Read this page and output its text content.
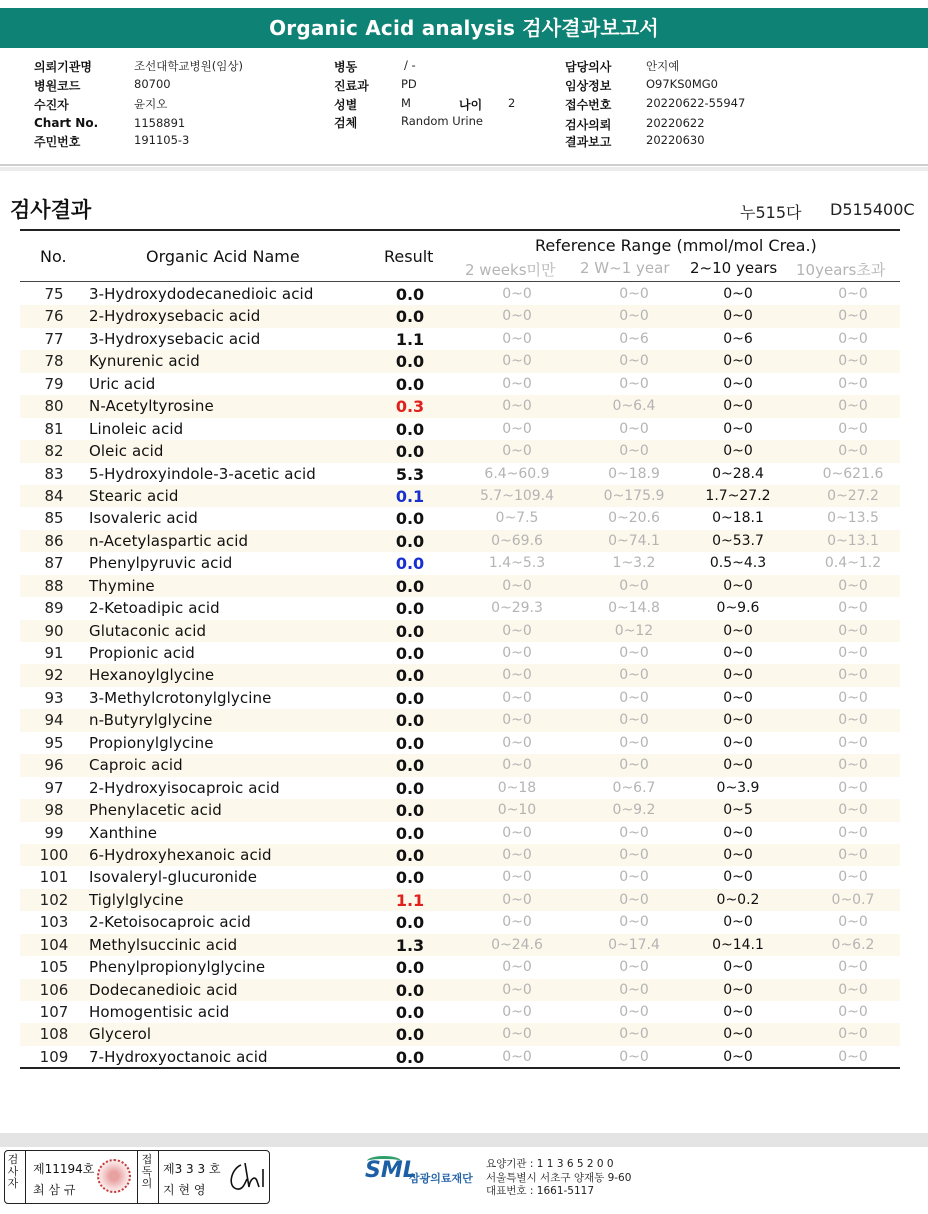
Organic Acid analysis 검사결과보고서
의뢰기관명	조선대학교병원(임상)
병원코드	80700
수진자	윤지오
Chart No.	1158891
주민번호	191105-3
병동	/ -
진료과	PD
성별	M	나이 2
검체	Random Urine
담당의사	안지예
임상정보	O97KS0MG0
접수번호	20220622-55947
검사의뢰	20220622
결과보고	20220630
검사결과	누515다 D515400C
No.	Organic Acid Name	Result
Reference Range (mmol/mol Crea.)
2 weeks미만 2 W~1 year 2~10 years 10years초과
75	3-Hydroxydodecanedioic acid	0.0	0~0	0~0	0~0	0~0
76	2-Hydroxysebacic acid	0.0	0~0	0~0	0~0	0~0
77	3-Hydroxysebacic acid	1.1	0~0	0~6	0~6	0~0
78	Kynurenic acid	0.0	0~0	0~0	0~0	0~0
79	Uric acid	0.0	0~0	0~0	0~0	0~0
80	N-Acetyltyrosine	0.3	0~0	0~6.4	0~0	0~0
81	Linoleic acid	0.0	0~0	0~0	0~0	0~0
82	Oleic acid	0.0	0~0	0~0	0~0	0~0
83	5-Hydroxyindole-3-acetic acid	5.3	6.4~60.9	0~18.9	0~28.4	0~621.6
84	Stearic acid	0.1	5.7~109.4	0~175.9	1.7~27.2	0~27.2
85	Isovaleric acid	0.0	0~7.5	0~20.6	0~18.1	0~13.5
86	n-Acetylaspartic acid	0.0	0~69.6	0~74.1	0~53.7	0~13.1
87	Phenylpyruvic acid	0.0	1.4~5.3	1~3.2	0.5~4.3	0.4~1.2
88	Thymine	0.0	0~0	0~0	0~0	0~0
89	2-Ketoadipic acid	0.0	0~29.3	0~14.8	0~9.6	0~0
90	Glutaconic acid	0.0	0~0	0~12	0~0	0~0
91	Propionic acid	0.0	0~0	0~0	0~0	0~0
92	Hexanoylglycine	0.0	0~0	0~0	0~0	0~0
93	3-Methylcrotonylglycine	0.0	0~0	0~0	0~0	0~0
94	n-Butyrylglycine	0.0	0~0	0~0	0~0	0~0
95	Propionylglycine	0.0	0~0	0~0	0~0	0~0
96	Caproic acid	0.0	0~0	0~0	0~0	0~0
97	2-Hydroxyisocaproic acid	0.0	0~18	0~6.7	0~3.9	0~0
98	Phenylacetic acid	0.0	0~10	0~9.2	0~5	0~0
99	Xanthine	0.0	0~0	0~0	0~0	0~0
100	6-Hydroxyhexanoic acid	0.0	0~0	0~0	0~0	0~0
101	Isovaleryl-glucuronide	0.0	0~0	0~0	0~0	0~0
102	Tiglylglycine	1.1	0~0	0~0	0~0.2	0~0.7
103	2-Ketoisocaproic acid	0.0	0~0	0~0	0~0	0~0
104	Methylsuccinic acid	1.3	0~24.6	0~17.4	0~14.1	0~6.2
105	Phenylpropionylglycine	0.0	0~0	0~0	0~0	0~0
106	Dodecanedioic acid	0.0	0~0	0~0	0~0	0~0
107	Homogentisic acid	0.0	0~0	0~0	0~0	0~0
108	Glycerol	0.0	0~0	0~0	0~0	0~0
109	7-Hydroxyoctanoic acid	0.0	0~0	0~0	0~0	0~0
검사자
제11194호
최 삼 규
접독의
제3 3 3 호
지 현 영
SML
삼광의료재단
요양기관 : 1 1 3 6 5 2 0 0
서울특별시 서초구 양재동 9-60
대표번호 : 1661-5117
